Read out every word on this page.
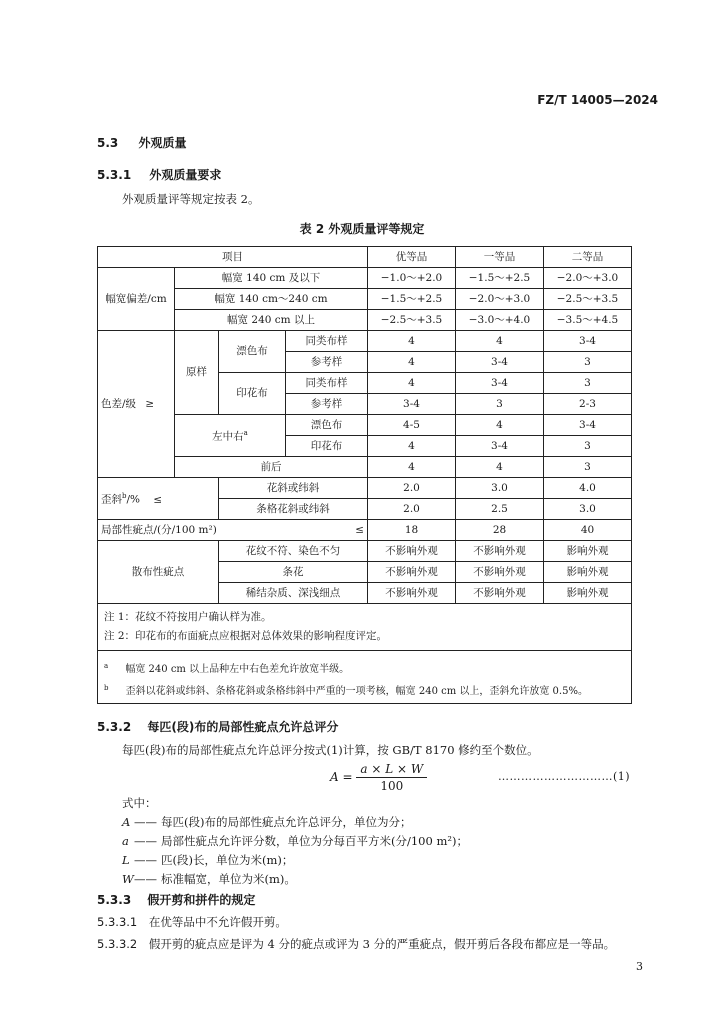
FZ/T 14005—2024
5.3 外观质量
5.3.1 外观质量要求
外观质量评等规定按表 2。
表 2 外观质量评等规定
项目				优等品	一等品	二等品
幅宽偏差/cm	幅宽 140 cm 及以下			−1.0～+2.0	−1.5～+2.5	−2.0～+3.0
	幅宽 140 cm～240 cm			−1.5～+2.5	−2.0～+3.0	−2.5～+3.5
	幅宽 240 cm 以上			−2.5～+3.5	−3.0～+4.0	−3.5～+4.5
色差/级 ≥	原样	漂色布	同类布样	4	4	3-4
			参考样	4	3-4	3
		印花布	同类布样	4	3-4	3
			参考样	3-4	3	2-3
	左中右$^a$		漂色布	4-5	4	3-4
			印花布	4	3-4	3
	前后			4	4	3
歪斜$^b$/% ≤		花斜或纬斜		2.0	3.0	4.0
		条格花斜或纬斜		2.0	2.5	3.0
局部性疵点/(分/100 m²) ≤				18	28	40
散布性疵点		花纹不符、染色不匀		不影响外观	不影响外观	影响外观
		条花		不影响外观	不影响外观	影响外观
		稀结杂质、深浅细点		不影响外观	不影响外观	影响外观

注 1：花纹不符按用户确认样为准。
注 2：印花布的布面疵点应根据对总体效果的影响程度评定。						

$^a$ 幅宽 240 cm 以上品种左中右色差允许放宽半级。
$^b$ 歪斜以花斜或纬斜、条格花斜或条格纬斜中严重的一项考核，幅宽 240 cm 以上，歪斜允许放宽 0.5%。						
5.3.2 每匹(段)布的局部性疵点允许总评分
每匹(段)布的局部性疵点允许总评分按式(1)计算，按 GB/T 8170 修约至个数位。
$A = \frac{a \times L \times W}{100}$	…………………………(1)
式中：
A —— 每匹(段)布的局部性疵点允许总评分，单位为分；
a —— 局部性疵点允许评分数，单位为分每百平方米(分/100 m²)；
L —— 匹(段)长，单位为米(m)；
W—— 标准幅宽，单位为米(m)。
5.3.3 假开剪和拼件的规定
5.3.3.1 在优等品中不允许假开剪。
5.3.3.2 假开剪的疵点应是评为 4 分的疵点或评为 3 分的严重疵点，假开剪后各段布都应是一等品。
3
